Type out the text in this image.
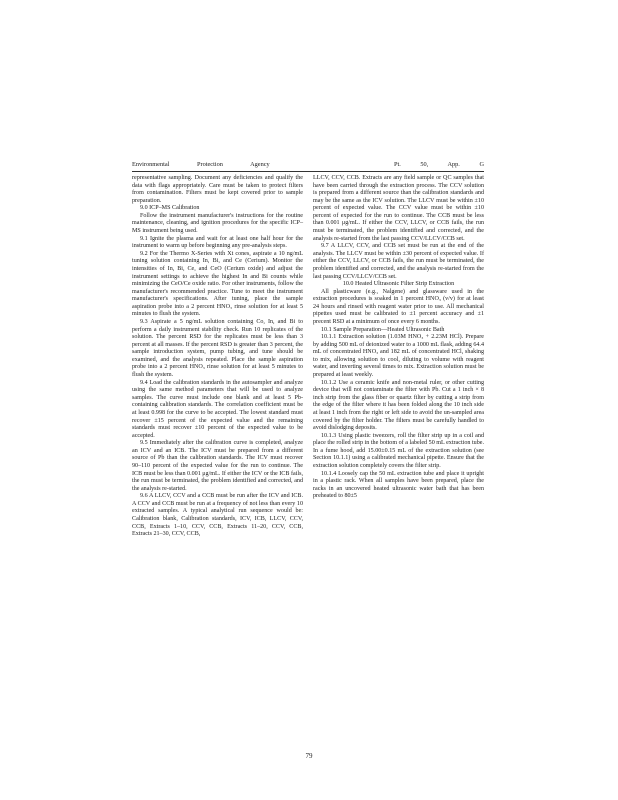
Environmental Protection Agency	Pt. 50, App. G

representative sampling. Document any deficiencies and qualify the data with flags appropriately. Care must be taken to protect filters from contamination. Filters must be kept covered prior to sample preparation.

9.0 ICP–MS Calibration

Follow the instrument manufacturer's instructions for the routine maintenance, cleaning, and ignition procedures for the specific ICP–MS instrument being used.

9.1 Ignite the plasma and wait for at least one half hour for the instrument to warm up before beginning any pre-analysis steps.

9.2 For the Thermo X-Series with Xt cones, aspirate a 10 ng/mL tuning solution containing In, Bi, and Ce (Cerium). Monitor the intensities of In, Bi, Ce, and CeO (Cerium oxide) and adjust the instrument settings to achieve the highest In and Bi counts while minimizing the CeO/Ce oxide ratio. For other instruments, follow the manufacturer's recommended practice. Tune to meet the instrument manufacturer's specifications. After tuning, place the sample aspiration probe into a 2 percent HNO₃ rinse solution for at least 5 minutes to flush the system.

9.3 Aspirate a 5 ng/mL solution containing Co, In, and Bi to perform a daily instrument stability check. Run 10 replicates of the solution. The percent RSD for the replicates must be less than 3 percent at all masses. If the percent RSD is greater than 3 percent, the sample introduction system, pump tubing, and tune should be examined, and the analysis repeated. Place the sample aspiration probe into a 2 percent HNO₃ rinse solution for at least 5 minutes to flush the system.

9.4 Load the calibration standards in the autosampler and analyze using the same method parameters that will be used to analyze samples. The curve must include one blank and at least 5 Pb-containing calibration standards. The correlation coefficient must be at least 0.998 for the curve to be accepted. The lowest standard must recover ±15 percent of the expected value and the remaining standards must recover ±10 percent of the expected value to be accepted.

9.5 Immediately after the calibration curve is completed, analyze an ICV and an ICB. The ICV must be prepared from a different source of Pb than the calibration standards. The ICV must recover 90–110 percent of the expected value for the run to continue. The ICB must be less than 0.001 μg/mL. If either the ICV or the ICB fails, the run must be terminated, the problem identified and corrected, and the analysis re-started.

9.6 A LLCV, CCV and a CCB must be run after the ICV and ICB. A CCV and CCB must be run at a frequency of not less than every 10 extracted samples. A typical analytical run sequence would be: Calibration blank, Calibration standards, ICV, ICB, LLCV, CCV, CCB, Extracts 1–10, CCV, CCB, Extracts 11–20, CCV, CCB, Extracts 21–30, CCV, CCB,

LLCV, CCV, CCB. Extracts are any field sample or QC samples that have been carried through the extraction process. The CCV solution is prepared from a different source than the calibration standards and may be the same as the ICV solution. The LLCV must be within ±10 percent of expected value. The CCV value must be within ±10 percent of expected for the run to continue. The CCB must be less than 0.001 μg/mL. If either the CCV, LLCV, or CCB fails, the run must be terminated, the problem identified and corrected, and the analysis re-started from the last passing CCV/LLCV/CCB set.

9.7 A LLCV, CCV, and CCB set must be run at the end of the analysis. The LLCV must be within ±30 percent of expected value. If either the CCV, LLCV, or CCB fails, the run must be terminated, the problem identified and corrected, and the analysis re-started from the last passing CCV/LLCV/CCB set.

10.0 Heated Ultrasonic Filter Strip Extraction

All plasticware (e.g., Nalgene) and glassware used in the extraction procedures is soaked in 1 percent HNO₃ (v/v) for at least 24 hours and rinsed with reagent water prior to use. All mechanical pipettes used must be calibrated to ±1 percent accuracy and ±1 precent RSD at a minimum of once every 6 months.

10.1 Sample Preparation—Heated Ultrasonic Bath

10.1.1 Extraction solution (1.03M HNO₃ + 2.23M HCl). Prepare by adding 500 mL of deionized water to a 1000 mL flask, adding 64.4 mL of concentrated HNO₃ and 182 mL of concentrated HCl, shaking to mix, allowing solution to cool, diluting to volume with reagent water, and inverting several times to mix. Extraction solution must be prepared at least weekly.

10.1.2 Use a ceramic knife and non-metal ruler, or other cutting device that will not contaminate the filter with Pb. Cut a 1 inch × 8 inch strip from the glass fiber or quartz filter by cutting a strip from the edge of the filter where it has been folded along the 10 inch side at least 1 inch from the right or left side to avoid the un-sampled area covered by the filter holder. The filters must be carefully handled to avoid dislodging deposits.

10.1.3 Using plastic tweezers, roll the filter strip up in a coil and place the rolled strip in the bottom of a labeled 50 mL extraction tube. In a fume hood, add 15.00±0.15 mL of the extraction solution (see Section 10.1.1) using a calibrated mechanical pipette. Ensure that the extraction solution completely covers the filter strip.

10.1.4 Loosely cap the 50 mL extraction tube and place it upright in a plastic rack. When all samples have been prepared, place the racks in an uncovered heated ultrasonic water bath that has been preheated to 80±5

79
